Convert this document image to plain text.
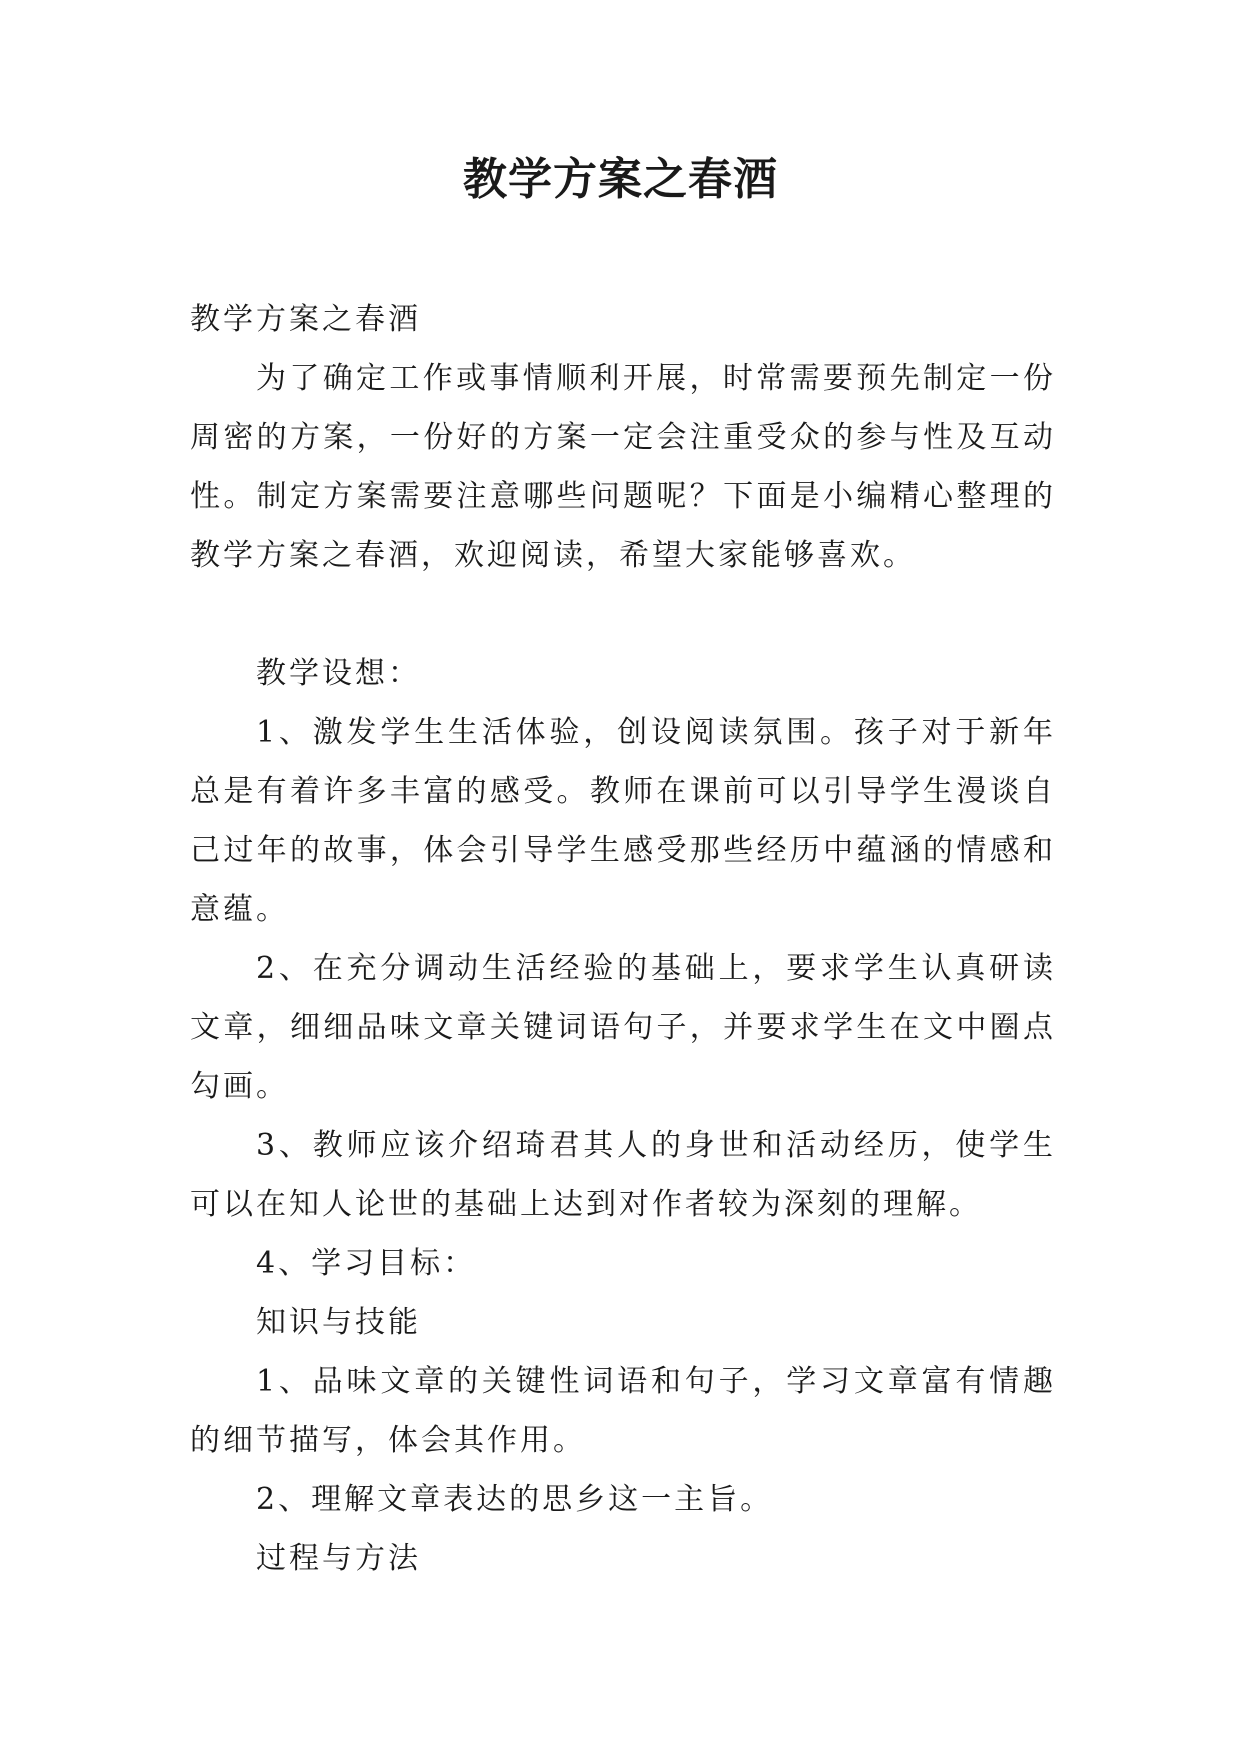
教学方案之春酒

教学方案之春酒

为了确定工作或事情顺利开展，时常需要预先制定一份周密的方案，一份好的方案一定会注重受众的参与性及互动性。制定方案需要注意哪些问题呢？下面是小编精心整理的教学方案之春酒，欢迎阅读，希望大家能够喜欢。

教学设想：

1、激发学生生活体验，创设阅读氛围。孩子对于新年总是有着许多丰富的感受。教师在课前可以引导学生漫谈自己过年的故事，体会引导学生感受那些经历中蕴涵的情感和意蕴。

2、在充分调动生活经验的基础上，要求学生认真研读文章，细细品味文章关键词语句子，并要求学生在文中圈点勾画。

3、教师应该介绍琦君其人的身世和活动经历，使学生可以在知人论世的基础上达到对作者较为深刻的理解。

4、学习目标：

知识与技能

1、品味文章的关键性词语和句子，学习文章富有情趣的细节描写，体会其作用。

2、理解文章表达的思乡这一主旨。

过程与方法
